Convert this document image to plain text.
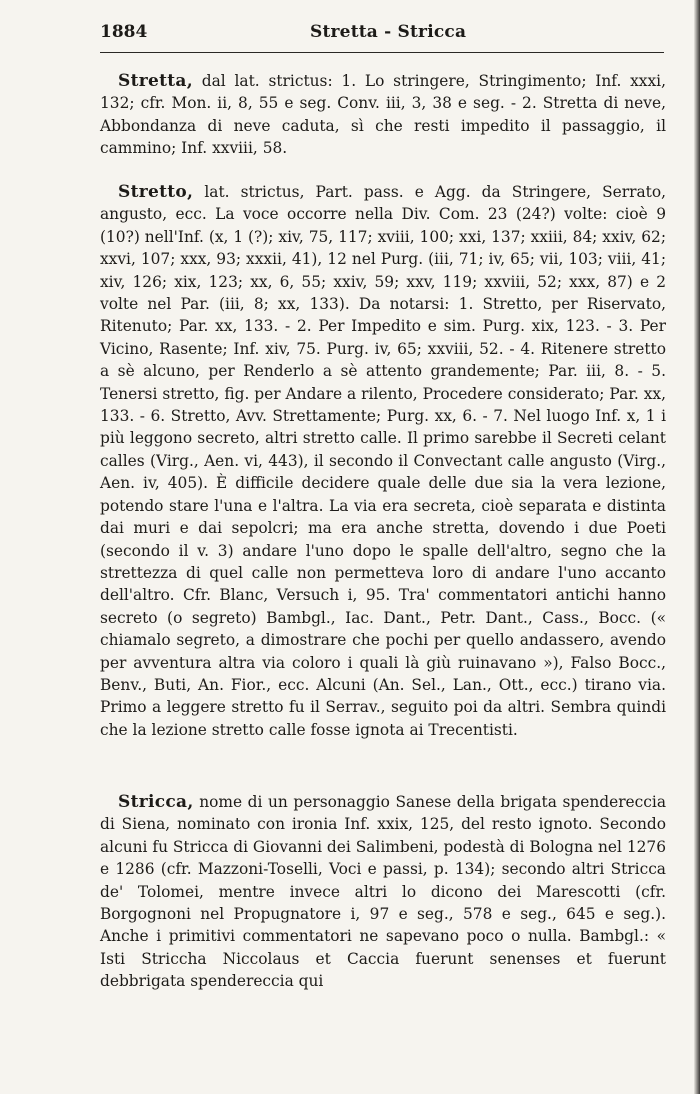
1884	Stretta - Stricca
Stretta, dal lat. strictus: 1. Lo stringere, Stringimento; Inf. xxxi, 132; cfr. Mon. ii, 8, 55 e seg. Conv. iii, 3, 38 e seg. - 2. Stretta di neve, Abbondanza di neve caduta, sì che resti impedito il passaggio, il cammino; Inf. xxviii, 58.
Stretto, lat. strictus, Part. pass. e Agg. da Stringere, Serrato, angusto, ecc. La voce occorre nella Div. Com. 23 (24?) volte: cioè 9 (10?) nell'Inf. (x, 1 (?); xiv, 75, 117; xviii, 100; xxi, 137; xxiii, 84; xxiv, 62; xxvi, 107; xxx, 93; xxxii, 41), 12 nel Purg. (iii, 71; iv, 65; vii, 103; viii, 41; xiv, 126; xix, 123; xx, 6, 55; xxiv, 59; xxv, 119; xxviii, 52; xxx, 87) e 2 volte nel Par. (iii, 8; xx, 133). Da notarsi: 1. Stretto, per Riservato, Ritenuto; Par. xx, 133. - 2. Per Impedito e sim. Purg. xix, 123. - 3. Per Vicino, Rasente; Inf. xiv, 75. Purg. iv, 65; xxviii, 52. - 4. Ritenere stretto a sè alcuno, per Renderlo a sè attento grandemente; Par. iii, 8. - 5. Tenersi stretto, fig. per Andare a rilento, Procedere considerato; Par. xx, 133. - 6. Stretto, Avv. Strettamente; Purg. xx, 6. - 7. Nel luogo Inf. x, 1 i più leggono secreto, altri stretto calle. Il primo sarebbe il Secreti celant calles (Virg., Aen. vi, 443), il secondo il Convectant calle angusto (Virg., Aen. iv, 405). È difficile decidere quale delle due sia la vera lezione, potendo stare l'una e l'altra. La via era secreta, cioè separata e distinta dai muri e dai sepolcri; ma era anche stretta, dovendo i due Poeti (secondo il v. 3) andare l'uno dopo le spalle dell'altro, segno che la strettezza di quel calle non permetteva loro di andare l'uno accanto dell'altro. Cfr. Blanc, Versuch i, 95. Tra' commentatori antichi hanno secreto (o segreto) Bambgl., Iac. Dant., Petr. Dant., Cass., Bocc. (« chiamalo segreto, a dimostrare che pochi per quello andassero, avendo per avventura altra via coloro i quali là giù ruinavano »), Falso Bocc., Benv., Buti, An. Fior., ecc. Alcuni (An. Sel., Lan., Ott., ecc.) tirano via. Primo a leggere stretto fu il Serrav., seguito poi da altri. Sembra quindi che la lezione stretto calle fosse ignota ai Trecentisti.
Stricca, nome di un personaggio Sanese della brigata spendereccia di Siena, nominato con ironia Inf. xxix, 125, del resto ignoto. Secondo alcuni fu Stricca di Giovanni dei Salimbeni, podestà di Bologna nel 1276 e 1286 (cfr. Mazzoni-Toselli, Voci e passi, p. 134); secondo altri Stricca de' Tolomei, mentre invece altri lo dicono dei Marescotti (cfr. Borgognoni nel Propugnatore i, 97 e seg., 578 e seg., 645 e seg.). Anche i primitivi commentatori ne sapevano poco o nulla. Bambgl.: « Isti Striccha Niccolaus et Caccia fuerunt senenses et fuerunt debbrigata spendereccia qui
